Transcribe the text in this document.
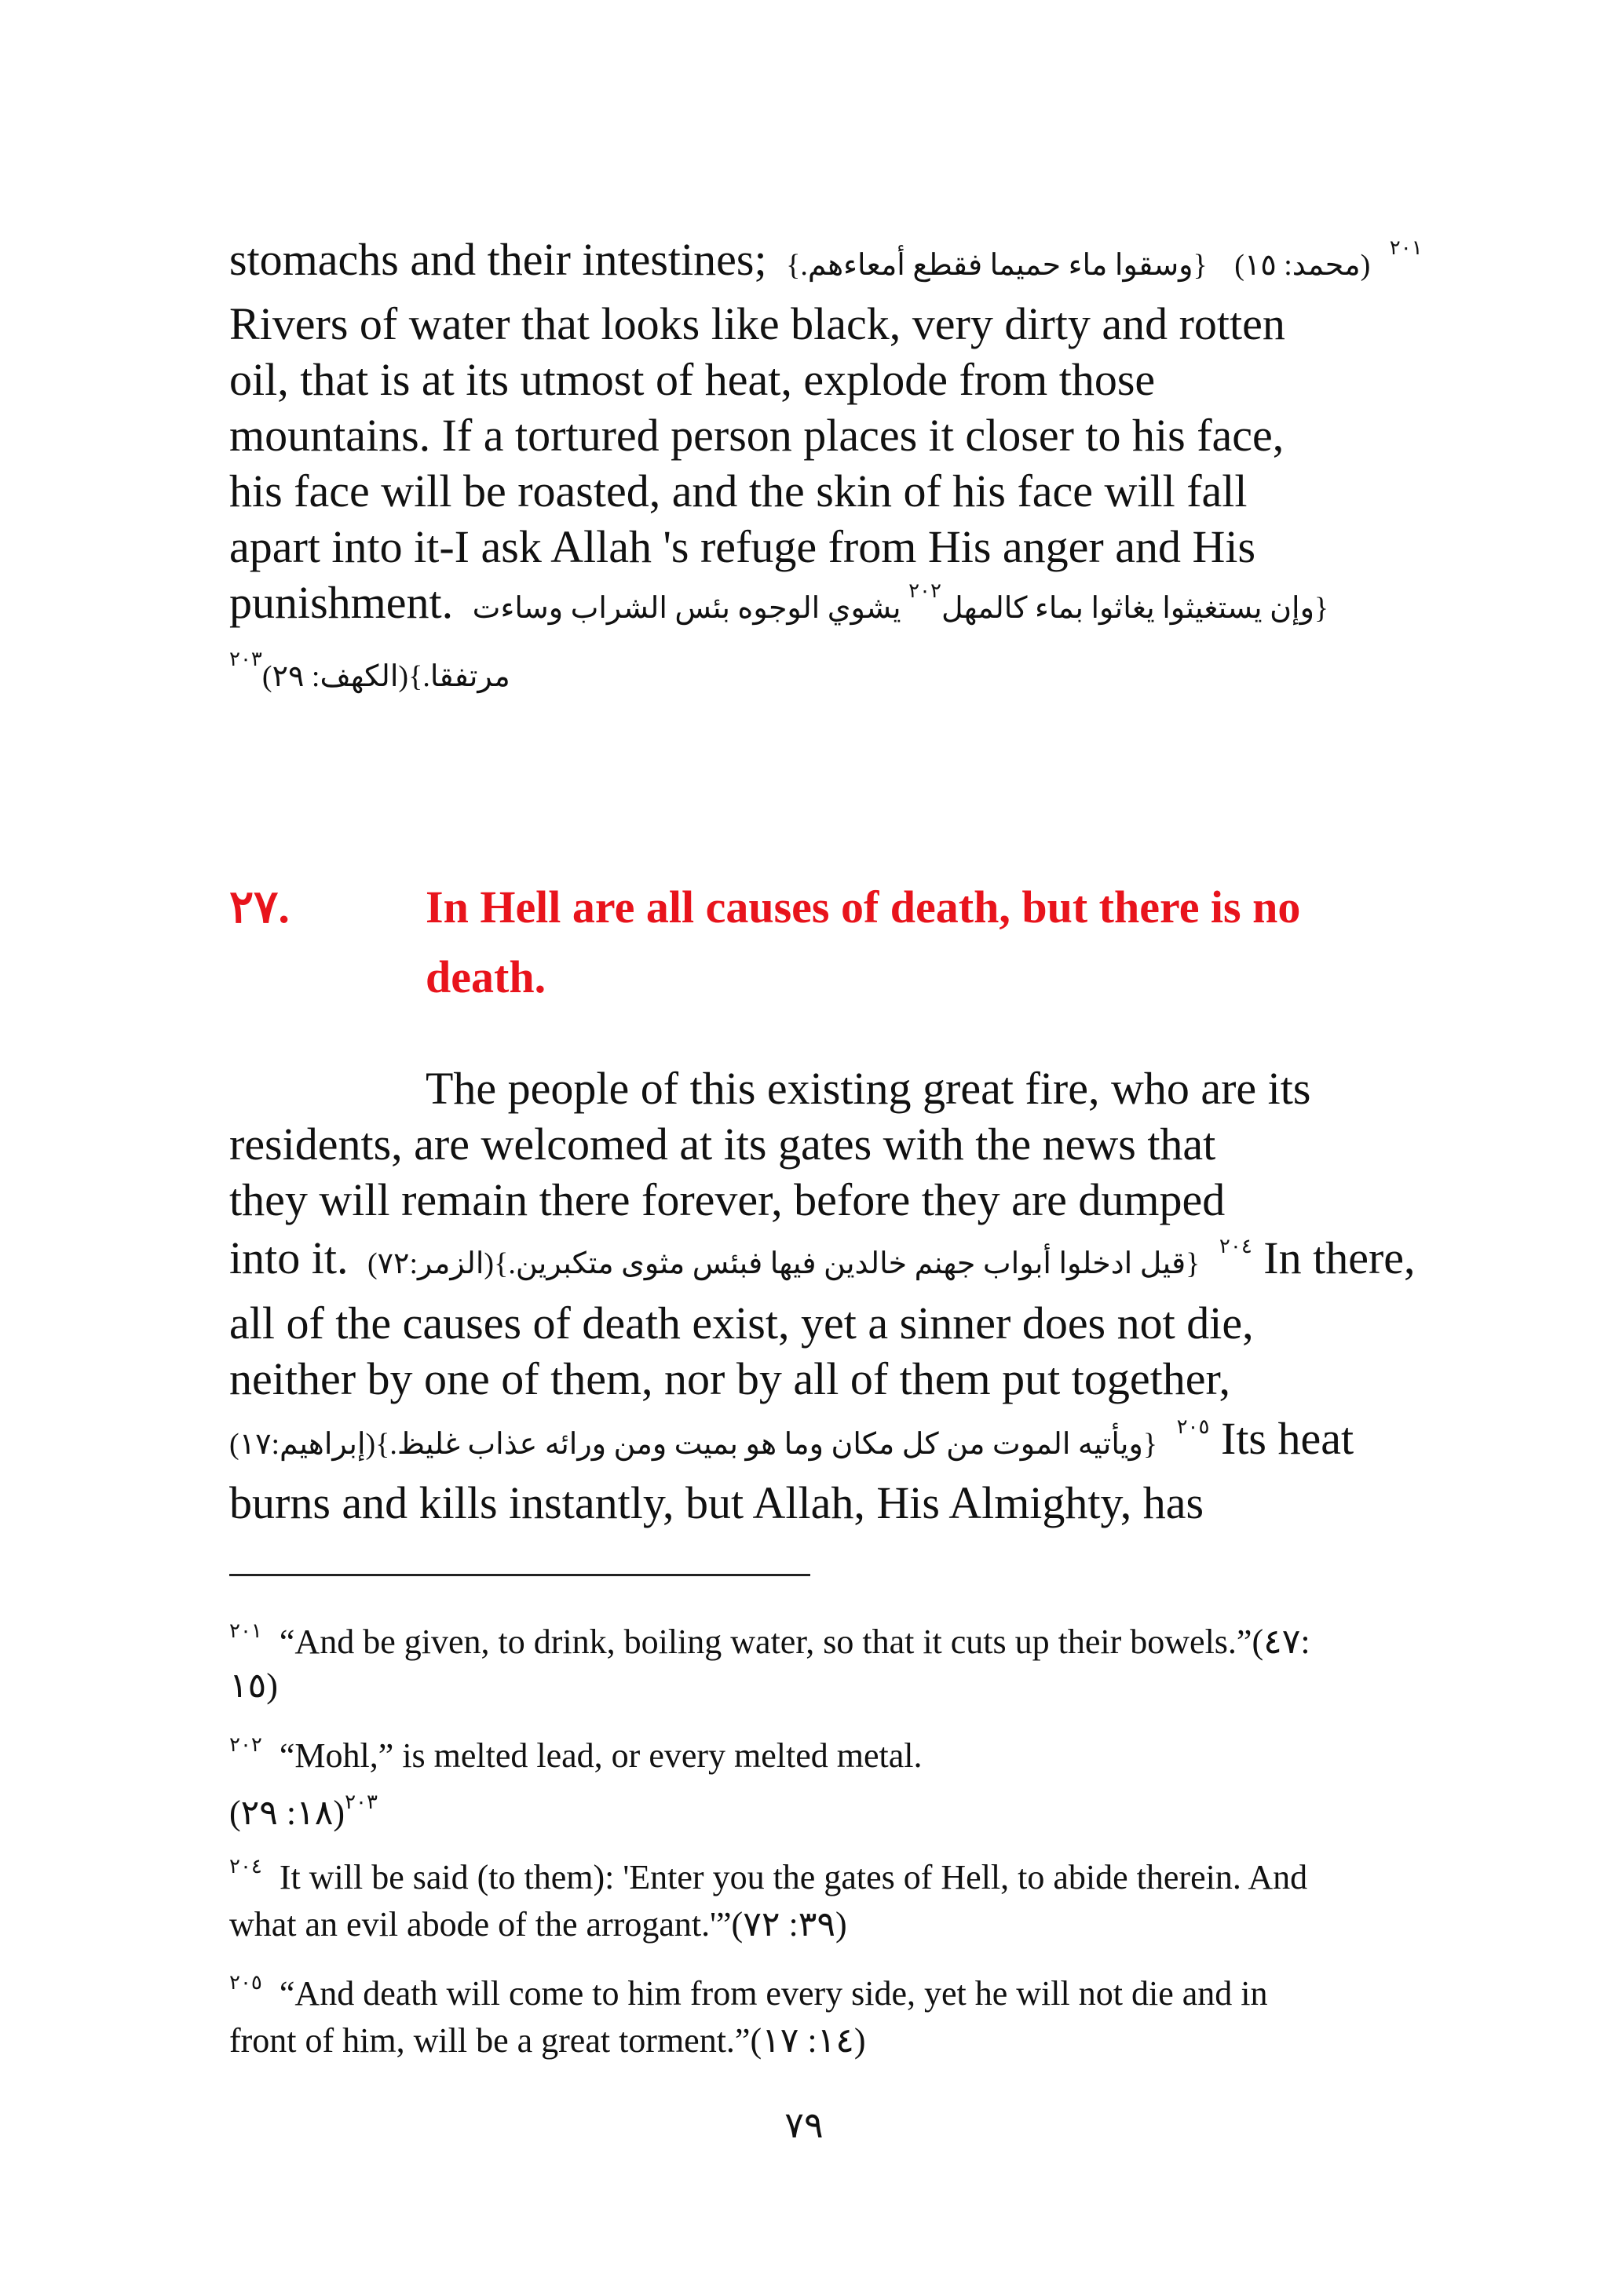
stomachs and their intestines;	$^{٢٠١}$ (محمد: ١٥) {وسقوا ماء حميما فقطع أمعاءهم.}
Rivers of water that looks like black, very dirty and rotten
oil, that is at its utmost of heat, explode from those
mountains. If a tortured person places it closer to his face,
his face will be roasted, and the skin of his face will fall
apart into it-I ask Allah 's refuge from His anger and His
punishment.	{وإن يستغيثوا يغاثوا بماء كالمهل$^{٢٠٢}$ يشوي الوجوه بئس الشراب وساءت
مرتفقا.}(الكهف: ٢٩)$^{٢٠٣}$
٢٧.	In Hell are all causes of death, but there is no
death.
The people of this existing great fire, who are its
residents, are welcomed at its gates with the news that
they will remain there forever, before they are dumped
into it.	$^{٢٠٤}$ {قيل ادخلوا أبواب جهنم خالدين فيها فبئس مثوى متكبرين.}(الزمر:٧٢) In there,
all of the causes of death exist, yet a sinner does not die,
neither by one of them, nor by all of them put together,
$^{٢٠٥}$ {ويأتيه الموت من كل مكان وما هو بميت ومن ورائه عذاب غليظ.}(إبراهيم:١٧) Its heat
burns and kills instantly, but Allah, His Almighty, has
$^{٢٠١}$ “And be given, to drink, boiling water, so that it cuts up their bowels.”(٤٧:
١٥)
$^{٢٠٢}$ “Mohl,” is melted lead, or every melted metal.
$^{٢٠٣}$(١٨: ٢٩)
$^{٢٠٤}$ It will be said (to them): 'Enter you the gates of Hell, to abide therein. And
what an evil abode of the arrogant.'”(٣٩: ٧٢)
$^{٢٠٥}$ “And death will come to him from every side, yet he will not die and in
front of him, will be a great torment.”(١٤: ١٧)
٧٩
